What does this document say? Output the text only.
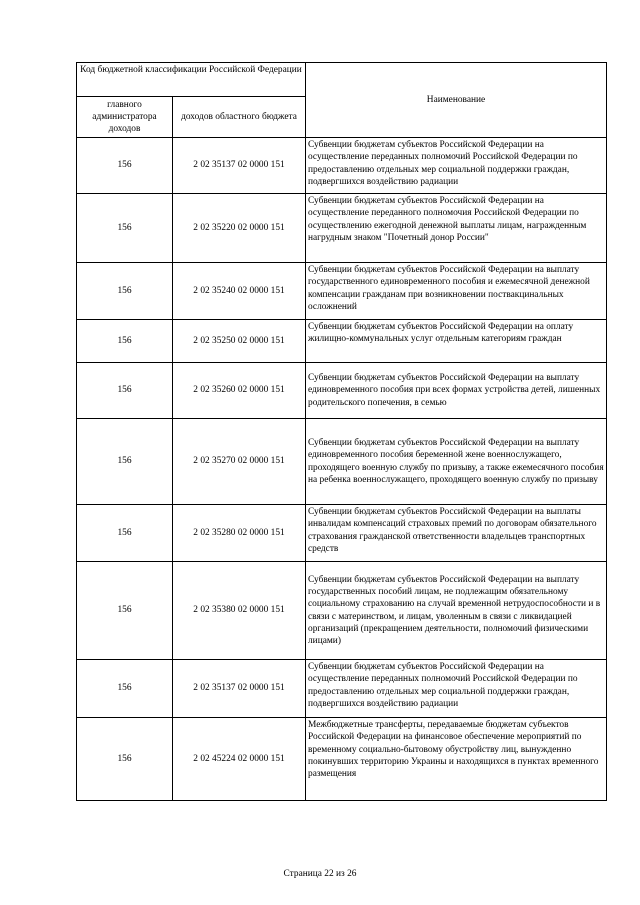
Код бюджетной классификации Российской Федерации		Наименование
главного администратора доходов	доходов областного бюджета	
156	2 02 35137 02 0000 151	Субвенции бюджетам субъектов Российской Федерации на осуществление переданных полномочий Российской Федерации по предоставлению отдельных мер социальной поддержки граждан, подвергшихся воздействию радиации
156	2 02 35220 02 0000 151	Субвенции бюджетам субъектов Российской Федерации на осуществление переданного полномочия Российской Федерации по осуществлению ежегодной денежной выплаты лицам, награжденным нагрудным знаком "Почетный донор России"
156	2 02 35240 02 0000 151	Субвенции бюджетам субъектов Российской Федерации на выплату государственного единовременного пособия и ежемесячной денежной компенсации гражданам при возникновении поствакцинальных осложнений
156	2 02 35250 02 0000 151	Субвенции бюджетам субъектов Российской Федерации на оплату жилищно-коммунальных услуг отдельным категориям граждан
156	2 02 35260 02 0000 151	Субвенции бюджетам субъектов Российской Федерации на выплату единовременного пособия при всех формах устройства детей, лишенных родительского попечения, в семью
156	2 02 35270 02 0000 151	Субвенции бюджетам субъектов Российской Федерации на выплату единовременного пособия беременной жене военнослужащего, проходящего военную службу по призыву, а также ежемесячного пособия на ребенка военнослужащего, проходящего военную службу по призыву
156	2 02 35280 02 0000 151	Субвенции бюджетам субъектов Российской Федерации на выплаты инвалидам компенсаций страховых премий по договорам обязательного страхования гражданской ответственности владельцев транспортных средств
156	2 02 35380 02 0000 151	Субвенции бюджетам субъектов Российской Федерации на выплату государственных пособий лицам, не подлежащим обязательному социальному страхованию на случай временной нетрудоспособности и в связи с материнством, и лицам, уволенным в связи с ликвидацией организаций (прекращением деятельности, полномочий физическими лицами)
156	2 02 35137 02 0000 151	Субвенции бюджетам субъектов Российской Федерации на осуществление переданных полномочий Российской Федерации по предоставлению отдельных мер социальной поддержки граждан, подвергшихся воздействию радиации
156	2 02 45224 02 0000 151	Межбюджетные трансферты, передаваемые бюджетам субъектов Российской Федерации на финансовое обеспечение мероприятий по временному социально-бытовому обустройству лиц, вынужденно покинувших территорию Украины и находящихся в пунктах временного размещения
Страница 22 из 26
